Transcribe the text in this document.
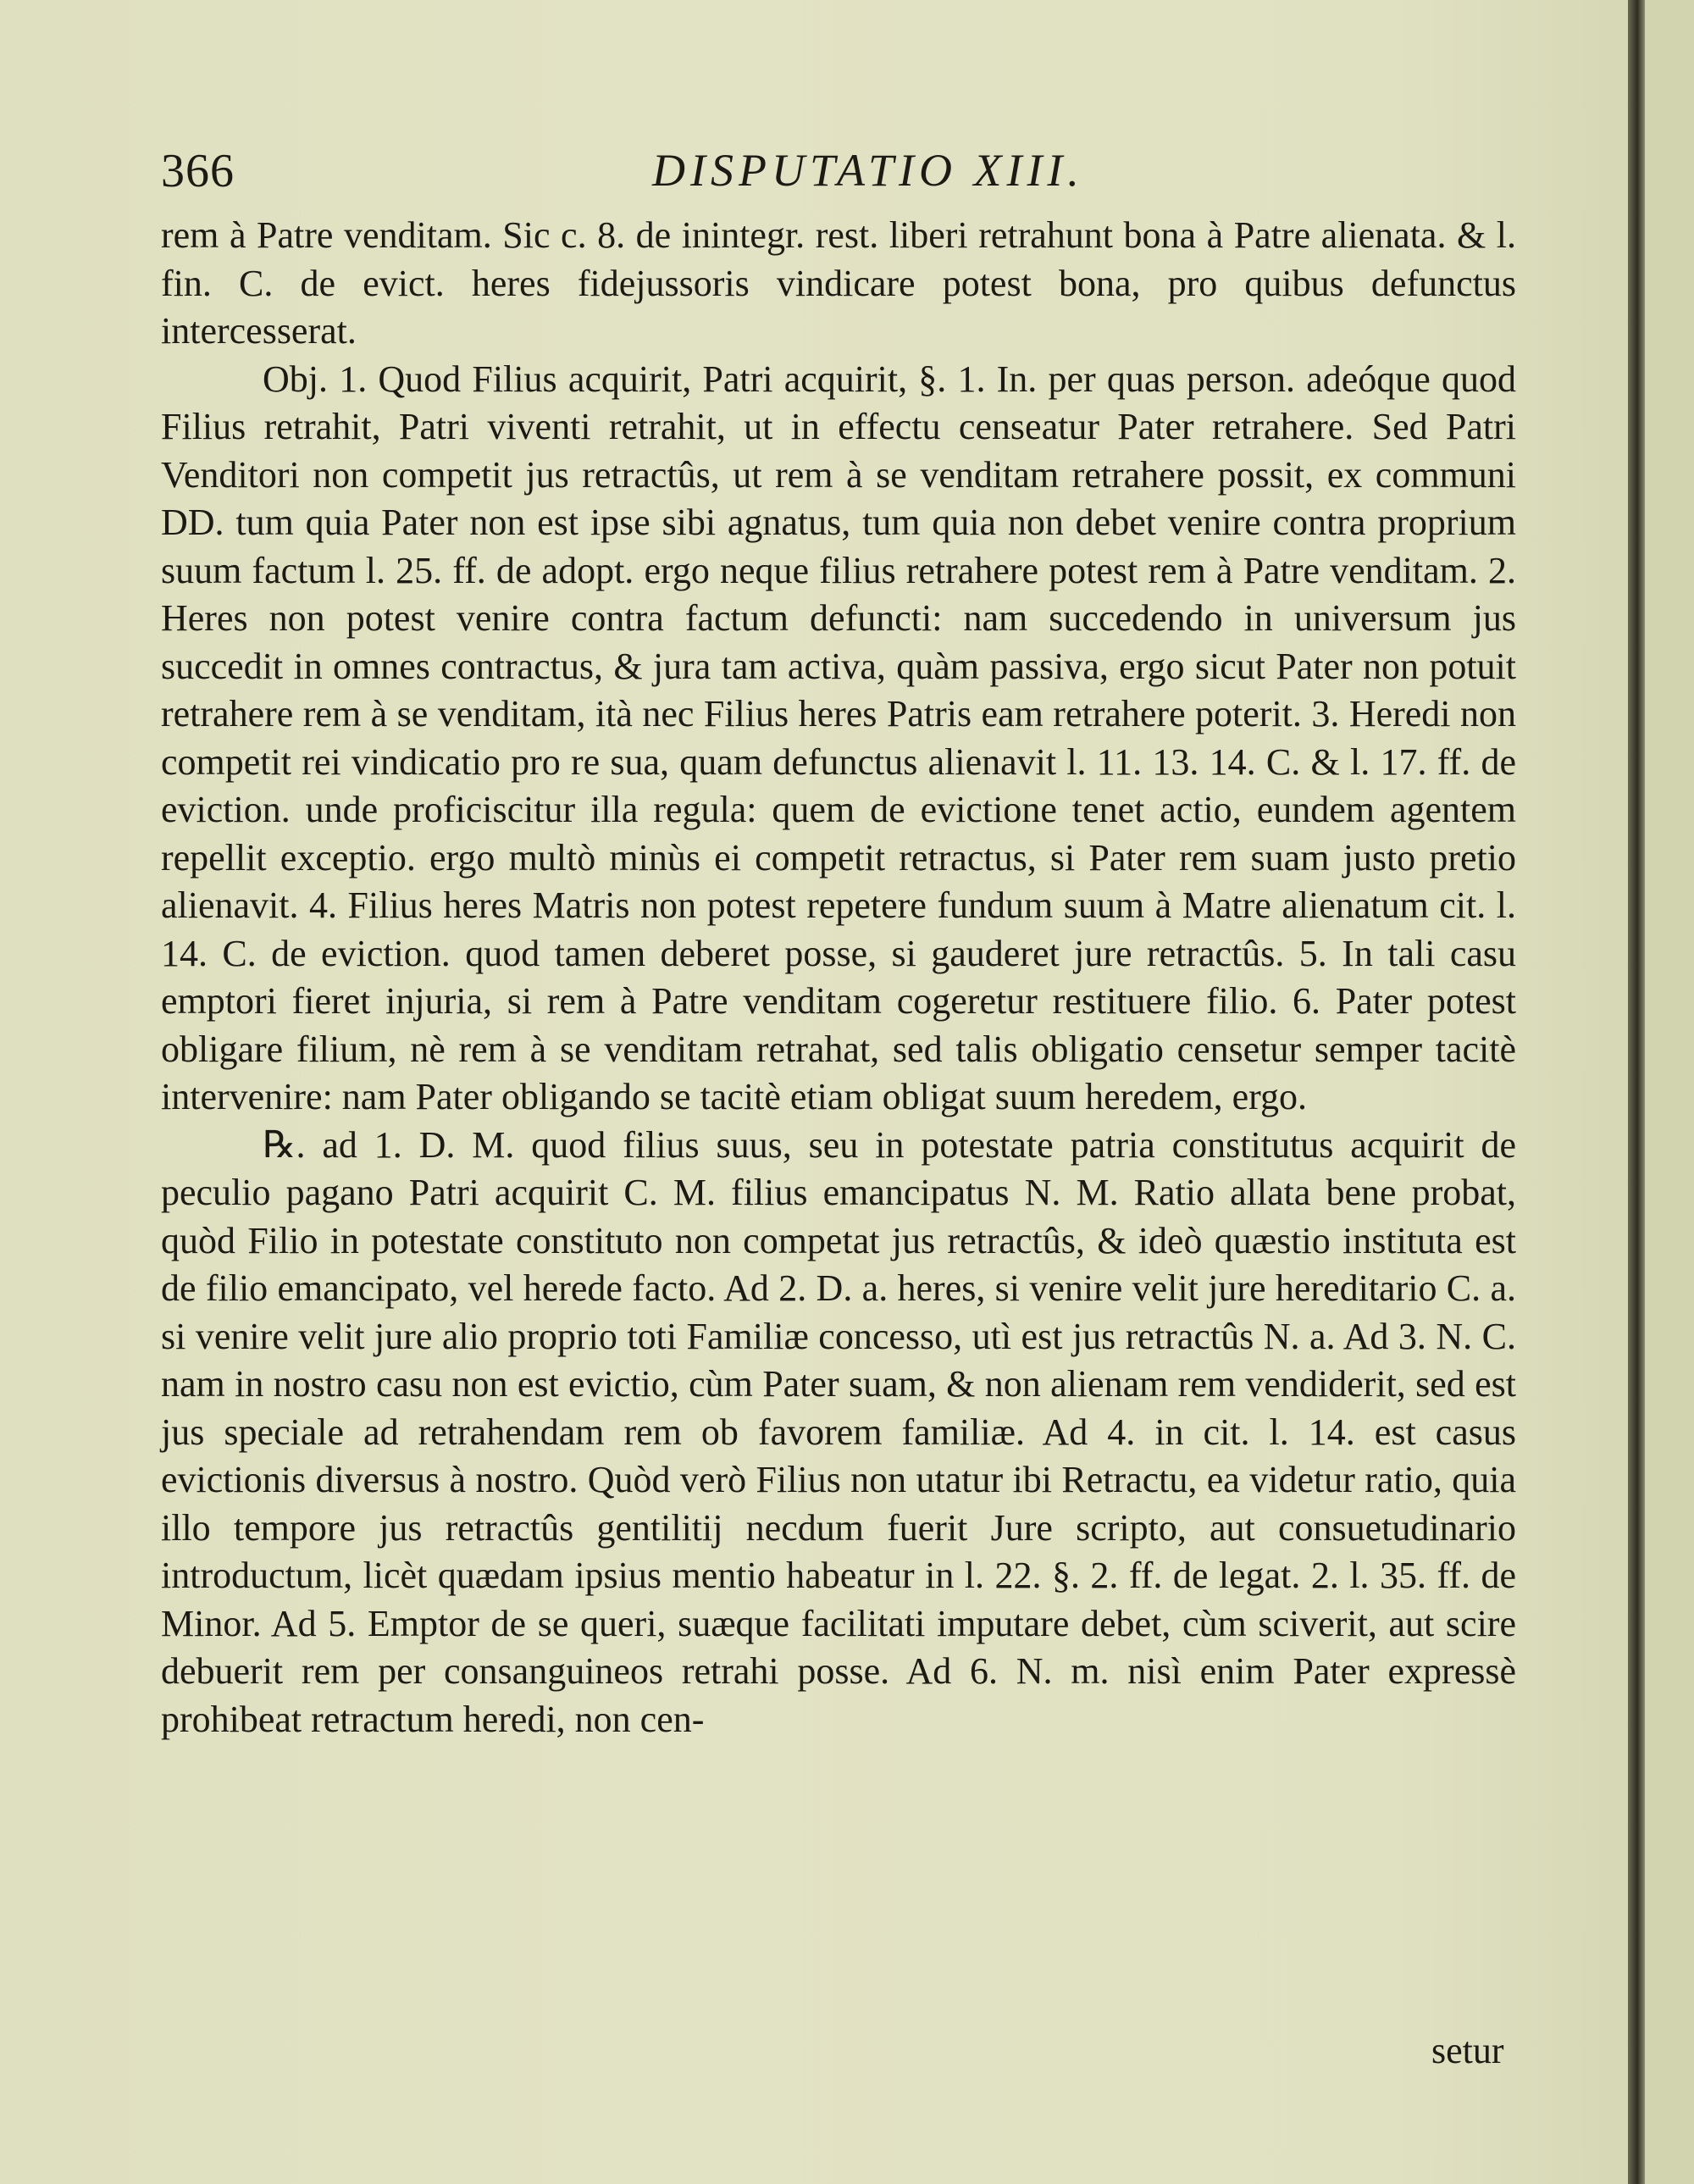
366	DISPUTATIO XIII.

rem à Patre venditam. Sic c. 8. de inintegr. rest. liberi retrahunt bona à Patre alienata. & l. fin. C. de evict. heres fidejussoris vindicare potest bona, pro quibus defunctus intercesserat.

Obj. 1. Quod Filius acquirit, Patri acquirit, §. 1. In. per quas person. adeóque quod Filius retrahit, Patri viventi retrahit, ut in effectu censeatur Pater retrahere. Sed Patri Venditori non competit jus retractûs, ut rem à se venditam retrahere possit, ex communi DD. tum quia Pater non est ipse sibi agnatus, tum quia non debet venire contra proprium suum factum l. 25. ff. de adopt. ergo neque filius retrahere potest rem à Patre venditam. 2. Heres non potest venire contra factum defuncti: nam succedendo in universum jus succedit in omnes contractus, & jura tam activa, quàm passiva, ergo sicut Pater non potuit retrahere rem à se venditam, ità nec Filius heres Patris eam retrahere poterit. 3. Heredi non competit rei vindicatio pro re sua, quam defunctus alienavit l. 11. 13. 14. C. & l. 17. ff. de eviction. unde proficiscitur illa regula: quem de evictione tenet actio, eundem agentem repellit exceptio. ergo multò minùs ei competit retractus, si Pater rem suam justo pretio alienavit. 4. Filius heres Matris non potest repetere fundum suum à Matre alienatum cit. l. 14. C. de eviction. quod tamen deberet posse, si gauderet jure retractûs. 5. In tali casu emptori fieret injuria, si rem à Patre venditam cogeretur restituere filio. 6. Pater potest obligare filium, nè rem à se venditam retrahat, sed talis obligatio censetur semper tacitè intervenire: nam Pater obligando se tacitè etiam obligat suum heredem, ergo.

℞. ad 1. D. M. quod filius suus, seu in potestate patria constitutus acquirit de peculio pagano Patri acquirit C. M. filius emancipatus N. M. Ratio allata bene probat, quòd Filio in potestate constituto non competat jus retractûs, & ideò quæstio instituta est de filio emancipato, vel herede facto. Ad 2. D. a. heres, si venire velit jure hereditario C. a. si venire velit jure alio proprio toti Familiæ concesso, utì est jus retractûs N. a. Ad 3. N. C. nam in nostro casu non est evictio, cùm Pater suam, & non alienam rem vendiderit, sed est jus speciale ad retrahendam rem ob favorem familiæ. Ad 4. in cit. l. 14. est casus evictionis diversus à nostro. Quòd verò Filius non utatur ibi Retractu, ea videtur ratio, quia illo tempore jus retractûs gentilitij necdum fuerit Jure scripto, aut consuetudinario introductum, licèt quædam ipsius mentio habeatur in l. 22. §. 2. ff. de legat. 2. l. 35. ff. de Minor. Ad 5. Emptor de se queri, suæque facilitati imputare debet, cùm sciverit, aut scire debuerit rem per consanguineos retrahi posse. Ad 6. N. m. nisì enim Pater expressè prohibeat retractum heredi, non cen-

setur
